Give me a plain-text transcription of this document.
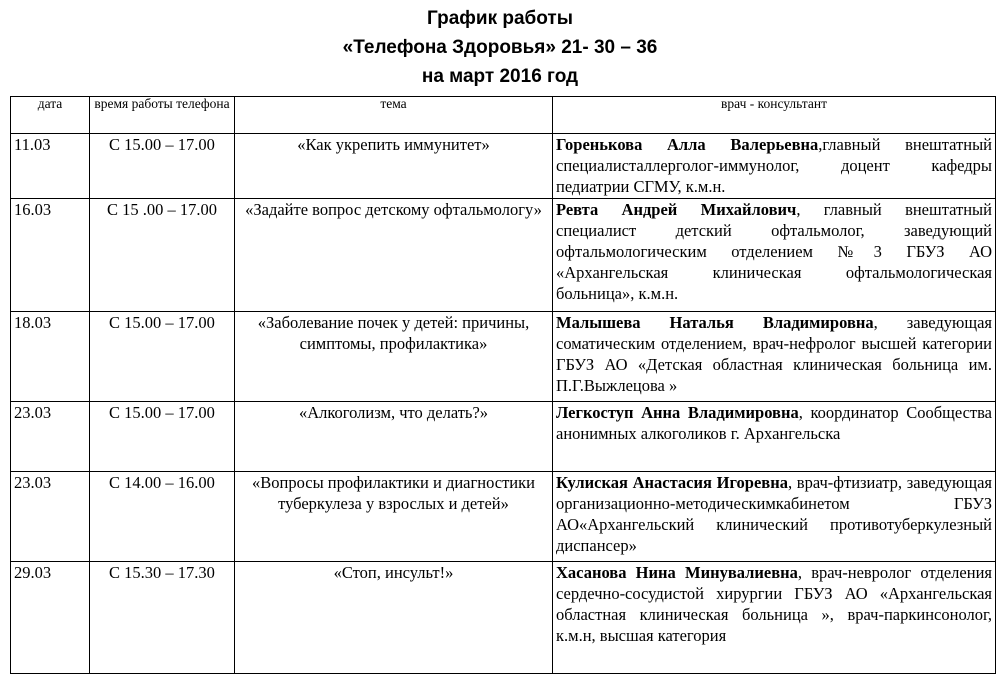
График работы
«Телефона Здоровья» 21- 30 – 36
на март 2016 год
дата	время работы телефона	тема	врач - консультант
11.03	С 15.00 – 17.00	«Как укрепить иммунитет»	Горенькова Алла Валерьевна,главный внештатный специалисталлерголог-иммунолог, доцент кафедры педиатрии СГМУ, к.м.н.
16.03	С 15 .00 – 17.00	«Задайте вопрос детскому офтальмологу»	Ревта Андрей Михайлович, главный внештатный специалист детский офтальмолог, заведующий офтальмологическим отделением №3 ГБУЗ АО «Архангельская клиническая офтальмологическая больница», к.м.н.
18.03	С 15.00 – 17.00	«Заболевание почек у детей: причины, симптомы, профилактика»	Малышева Наталья Владимировна, заведующая соматическим отделением, врач-нефролог высшей категории ГБУЗ АО «Детская областная клиническая больница им. П.Г.Выжлецова »
23.03	С 15.00 – 17.00	«Алкоголизм, что делать?»	Легкоступ Анна Владимировна, координатор Сообщества анонимных алкоголиков г. Архангельска
23.03	С 14.00 – 16.00	«Вопросы профилактики и диагностики туберкулеза у взрослых и детей»	Кулиская Анастасия Игоревна, врач-фтизиатр, заведующая организационно-методическимкабинетом ГБУЗ АО«Архангельский клинический противотуберкулезный диспансер»
29.03	С 15.30 – 17.30	«Стоп, инсульт!»	Хасанова Нина Минувалиевна, врач-невролог отделения сердечно-сосудистой хирургии ГБУЗ АО «Архангельская областная клиническая больница », врач-паркинсонолог, к.м.н, высшая категория
